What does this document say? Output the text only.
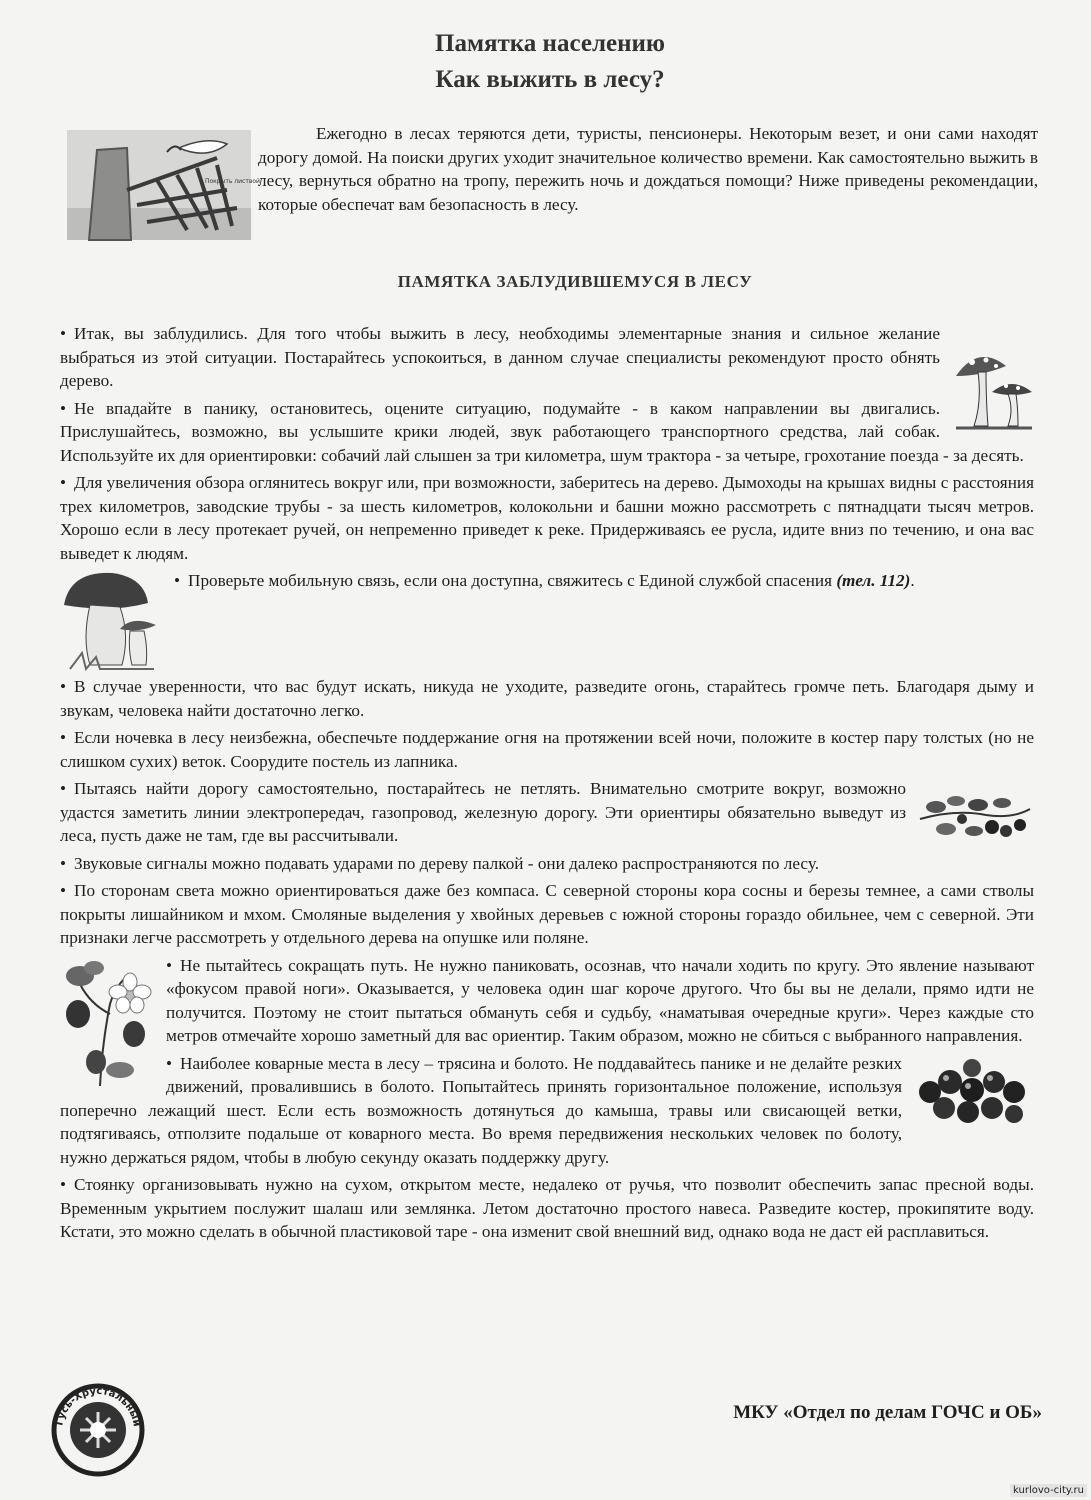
Памятка населению
Как выжить в лесу?
Покрыть листвой
Ежегодно в лесах теряются дети, туристы, пенсионеры. Некоторым везет, и они сами находят дорогу домой. На поиски других уходит значительное количество времени. Как самостоятельно выжить в лесу, вернуться обратно на тропу, пережить ночь и дождаться помощи? Ниже приведены рекомендации, которые обеспечат вам безопасность в лесу.
ПАМЯТКА ЗАБЛУДИВШЕМУСЯ В ЛЕСУ

• Итак, вы заблудились. Для того чтобы выжить в лесу, необходимы элементарные знания и сильное желание выбраться из этой ситуации. Постарайтесь успокоиться, в данном случае специалисты рекомендуют просто обнять дерево.

• Не впадайте в панику, остановитесь, оцените ситуацию, подумайте - в каком направлении вы двигались. Прислушайтесь, возможно, вы услышите крики людей, звук работающего транспортного средства, лай собак. Используйте их для ориентировки: собачий лай слышен за три километра, шум трактора - за четыре, грохотание поезда - за десять.

• Для увеличения обзора оглянитесь вокруг или, при возможности, заберитесь на дерево. Дымоходы на крышах видны с расстояния трех километров, заводские трубы - за шесть километров, колокольни и башни можно рассмотреть с пятнадцати тысяч метров. Хорошо если в лесу протекает ручей, он непременно приведет к реке. Придерживаясь ее русла, идите вниз по течению, и она вас выведет к людям.

• Проверьте мобильную связь, если она доступна, свяжитесь с Единой службой спасения (тел. 112).

• В случае уверенности, что вас будут искать, никуда не уходите, разведите огонь, старайтесь громче петь. Благодаря дыму и звукам, человека найти достаточно легко.

• Если ночевка в лесу неизбежна, обеспечьте поддержание огня на протяжении всей ночи, положите в костер пару толстых (но не слишком сухих) веток. Соорудите постель из лапника.

• Пытаясь найти дорогу самостоятельно, постарайтесь не петлять. Внимательно смотрите вокруг, возможно удастся заметить линии электропередач, газопровод, железную дорогу. Эти ориентиры обязательно выведут из леса, пусть даже не там, где вы рассчитывали.

• Звуковые сигналы можно подавать ударами по дереву палкой - они далеко распространяются по лесу.

• По сторонам света можно ориентироваться даже без компаса. С северной стороны кора сосны и березы темнее, а сами стволы покрыты лишайником и мхом. Смоляные выделения у хвойных деревьев с южной стороны гораздо обильнее, чем с северной. Эти признаки легче рассмотреть у отдельного дерева на опушке или поляне.

• Не пытайтесь сокращать путь. Не нужно паниковать, осознав, что начали ходить по кругу. Это явление называют «фокусом правой ноги». Оказывается, у человека один шаг короче другого. Что бы вы не делали, прямо идти не получится. Поэтому не стоит пытаться обмануть себя и судьбу, «наматывая очередные круги». Через каждые сто метров отмечайте хорошо заметный для вас ориентир. Таким образом, можно не сбиться с выбранного направления.

• Наиболее коварные места в лесу – трясина и болото. Не поддавайтесь панике и не делайте резких движений, провалившись в болото. Попытайтесь принять горизонтальное положение, используя поперечно лежащий шест. Если есть возможность дотянуться до камыша, травы или свисающей ветки, подтягиваясь, отползите подальше от коварного места. Во время передвижения нескольких человек по болоту, нужно держаться рядом, чтобы в любую секунду оказать поддержку другу.

• Стоянку организовывать нужно на сухом, открытом месте, недалеко от ручья, что позволит обеспечить запас пресной воды. Временным укрытием послужит шалаш или землянка. Летом достаточно простого навеса. Разведите костер, прокипятите воду. Кстати, это можно сделать в обычной пластиковой таре - она изменит свой внешний вид, однако вода не даст ей расплавиться.

Гусь-Хрустальный
МКУ «Отдел по делам ГОЧС и ОБ»
kurlovo-city.ru
